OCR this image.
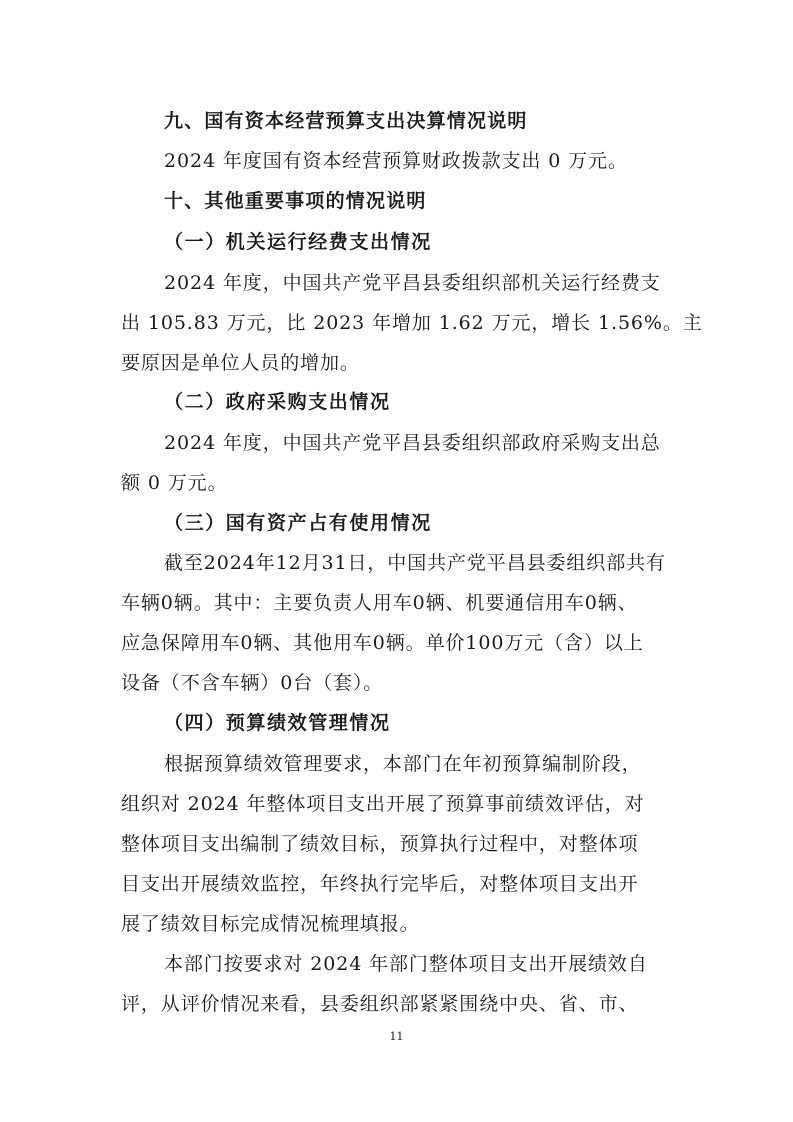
九、国有资本经营预算支出决算情况说明
2024 年度国有资本经营预算财政拨款支出 0 万元。
十、其他重要事项的情况说明
（一）机关运行经费支出情况
2024 年度，中国共产党平昌县委组织部机关运行经费支
出 105.83 万元，比 2023 年增加 1.62 万元，增长 1.56%。主
要原因是单位人员的增加。
（二）政府采购支出情况
2024 年度，中国共产党平昌县委组织部政府采购支出总
额 0 万元。
（三）国有资产占有使用情况
截至2024年12月31日，中国共产党平昌县委组织部共有
车辆0辆。其中：主要负责人用车0辆、机要通信用车0辆、
应急保障用车0辆、其他用车0辆。单价100万元（含）以上
设备（不含车辆）0台（套）。
（四）预算绩效管理情况
根据预算绩效管理要求，本部门在年初预算编制阶段，
组织对 2024 年整体项目支出开展了预算事前绩效评估，对
整体项目支出编制了绩效目标，预算执行过程中，对整体项
目支出开展绩效监控，年终执行完毕后，对整体项目支出开
展了绩效目标完成情况梳理填报。
本部门按要求对 2024 年部门整体项目支出开展绩效自
评，从评价情况来看，县委组织部紧紧围绕中央、省、市、
11
